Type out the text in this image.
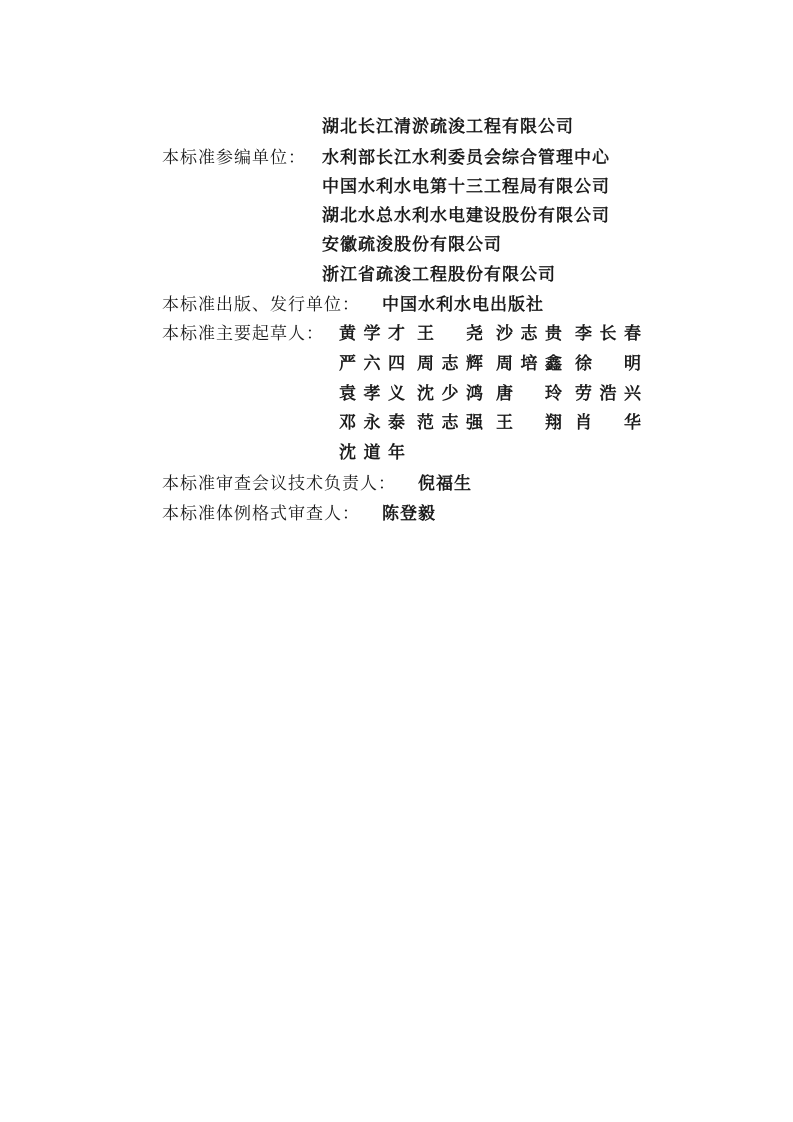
湖北长江清淤疏浚工程有限公司
本标准参编单位： 水利部长江水利委员会综合管理中心
中国水利水电第十三工程局有限公司
湖北水总水利水电建设股份有限公司
安徽疏浚股份有限公司
浙江省疏浚工程股份有限公司
本标准出版、发行单位： 中国水利水电出版社
本标准主要起草人： 黄 学 才 王 尧 沙 志 贵 李 长 春
严 六 四 周 志 辉 周 培 鑫 徐 明
袁 孝 义 沈 少 鸿 唐 玲 劳 浩 兴
邓 永 泰 范 志 强 王 翔 肖 华
沈 道 年
本标准审查会议技术负责人： 倪福生
本标准体例格式审查人： 陈登毅
